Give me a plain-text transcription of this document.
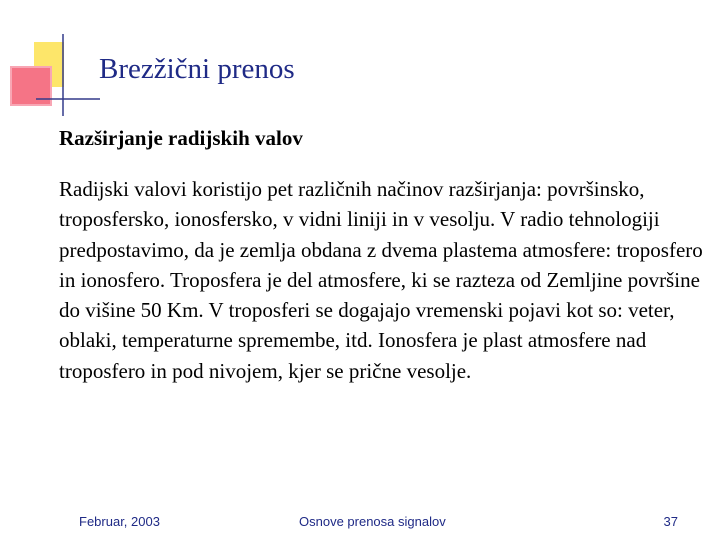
Brezžični prenos
Razširjanje radijskih valov

Radijski valovi koristijo pet različnih načinov razširjanja: površinsko, troposfersko, ionosfersko, v vidni liniji in v vesolju. V radio tehnologiji predpostavimo, da je zemlja obdana z dvema plastema atmosfere: troposfero in ionosfero. Troposfera je del atmosfere, ki se razteza od Zemljine površine do višine 50 Km. V troposferi se dogajajo vremenski pojavi kot so: veter, oblaki, temperaturne spremembe, itd. Ionosfera je plast atmosfere nad troposfero in pod nivojem, kjer se prične vesolje.

Februar, 2003	Osnove prenosa signalov	37
